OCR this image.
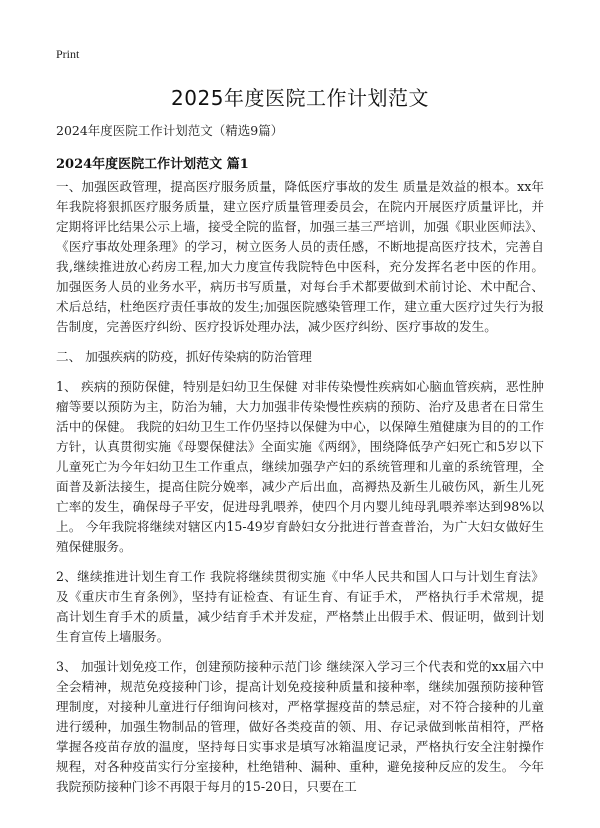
Print
2025年度医院工作计划范文
2024年度医院工作计划范文（精选9篇）
2024年度医院工作计划范文 篇1

一、加强医政管理，提高医疗服务质量，降低医疗事故的发生 质量是效益的根本。xx年年我院将狠抓医疗服务质量，建立医疗质量管理委员会，在院内开展医疗质量评比，并定期将评比结果公示上墙，接受全院的监督，加强三基三严培训，加强《职业医师法》、《医疗事故处理条理》的学习，树立医务人员的责任感，不断地提高医疗技术，完善自我,继续推进放心药房工程,加大力度宣传我院特色中医科，充分发挥名老中医的作用。 加强医务人员的业务水平，病历书写质量，对每台手术都要做到术前讨论、术中配合、术后总结，杜绝医疗责任事故的发生;加强医院感染管理工作，建立重大医疗过失行为报告制度，完善医疗纠纷、医疗投诉处理办法，减少医疗纠纷、医疗事故的发生。

二、 加强疾病的防疫，抓好传染病的防治管理

1、 疾病的预防保健，特别是妇幼卫生保健 对非传染慢性疾病如心脑血管疾病，恶性肿瘤等要以预防为主，防治为辅，大力加强非传染慢性疾病的预防、治疗及患者在日常生活中的保健。 我院的妇幼卫生工作仍坚持以保健为中心，以保障生殖健康为目的的工作方针，认真贯彻实施《母婴保健法》全面实施《两纲》，围绕降低孕产妇死亡和5岁以下儿童死亡为今年妇幼卫生工作重点，继续加强孕产妇的系统管理和儿童的系统管理，全面普及新法接生，提高住院分娩率，减少产后出血，高褥热及新生儿破伤风，新生儿死亡率的发生，确保母子平安，促进母乳喂养，使四个月内婴儿纯母乳喂养率达到98%以上。 今年我院将继续对辖区内15-49岁育龄妇女分批进行普查普治，为广大妇女做好生殖保健服务。

2、继续推进计划生育工作 我院将继续贯彻实施《中华人民共和国人口与计划生育法》及《重庆市生育条例》，坚持有证检查、有证生育、有证手术， 严格执行手术常规，提高计划生育手术的质量，减少结育手术并发症，严格禁止出假手术、假证明，做到计划生育宣传上墙服务。

3、 加强计划免疫工作，创建预防接种示范门诊 继续深入学习三个代表和党的xx届六中全会精神，规范免疫接种门诊，提高计划免疫接种质量和接种率，继续加强预防接种管理制度，对接种儿童进行仔细询问核对，严格掌握疫苗的禁忌症，对不符合接种的儿童进行缓种，加强生物制品的管理，做好各类疫苗的领、用、存记录做到帐苗相符，严格掌握各疫苗存放的温度，坚持每日实事求是填写冰箱温度记录，严格执行安全注射操作规程，对各种疫苗实行分室接种，杜绝错种、漏种、重种，避免接种反应的发生。 今年我院预防接种门诊不再限于每月的15-20日，只要在工
